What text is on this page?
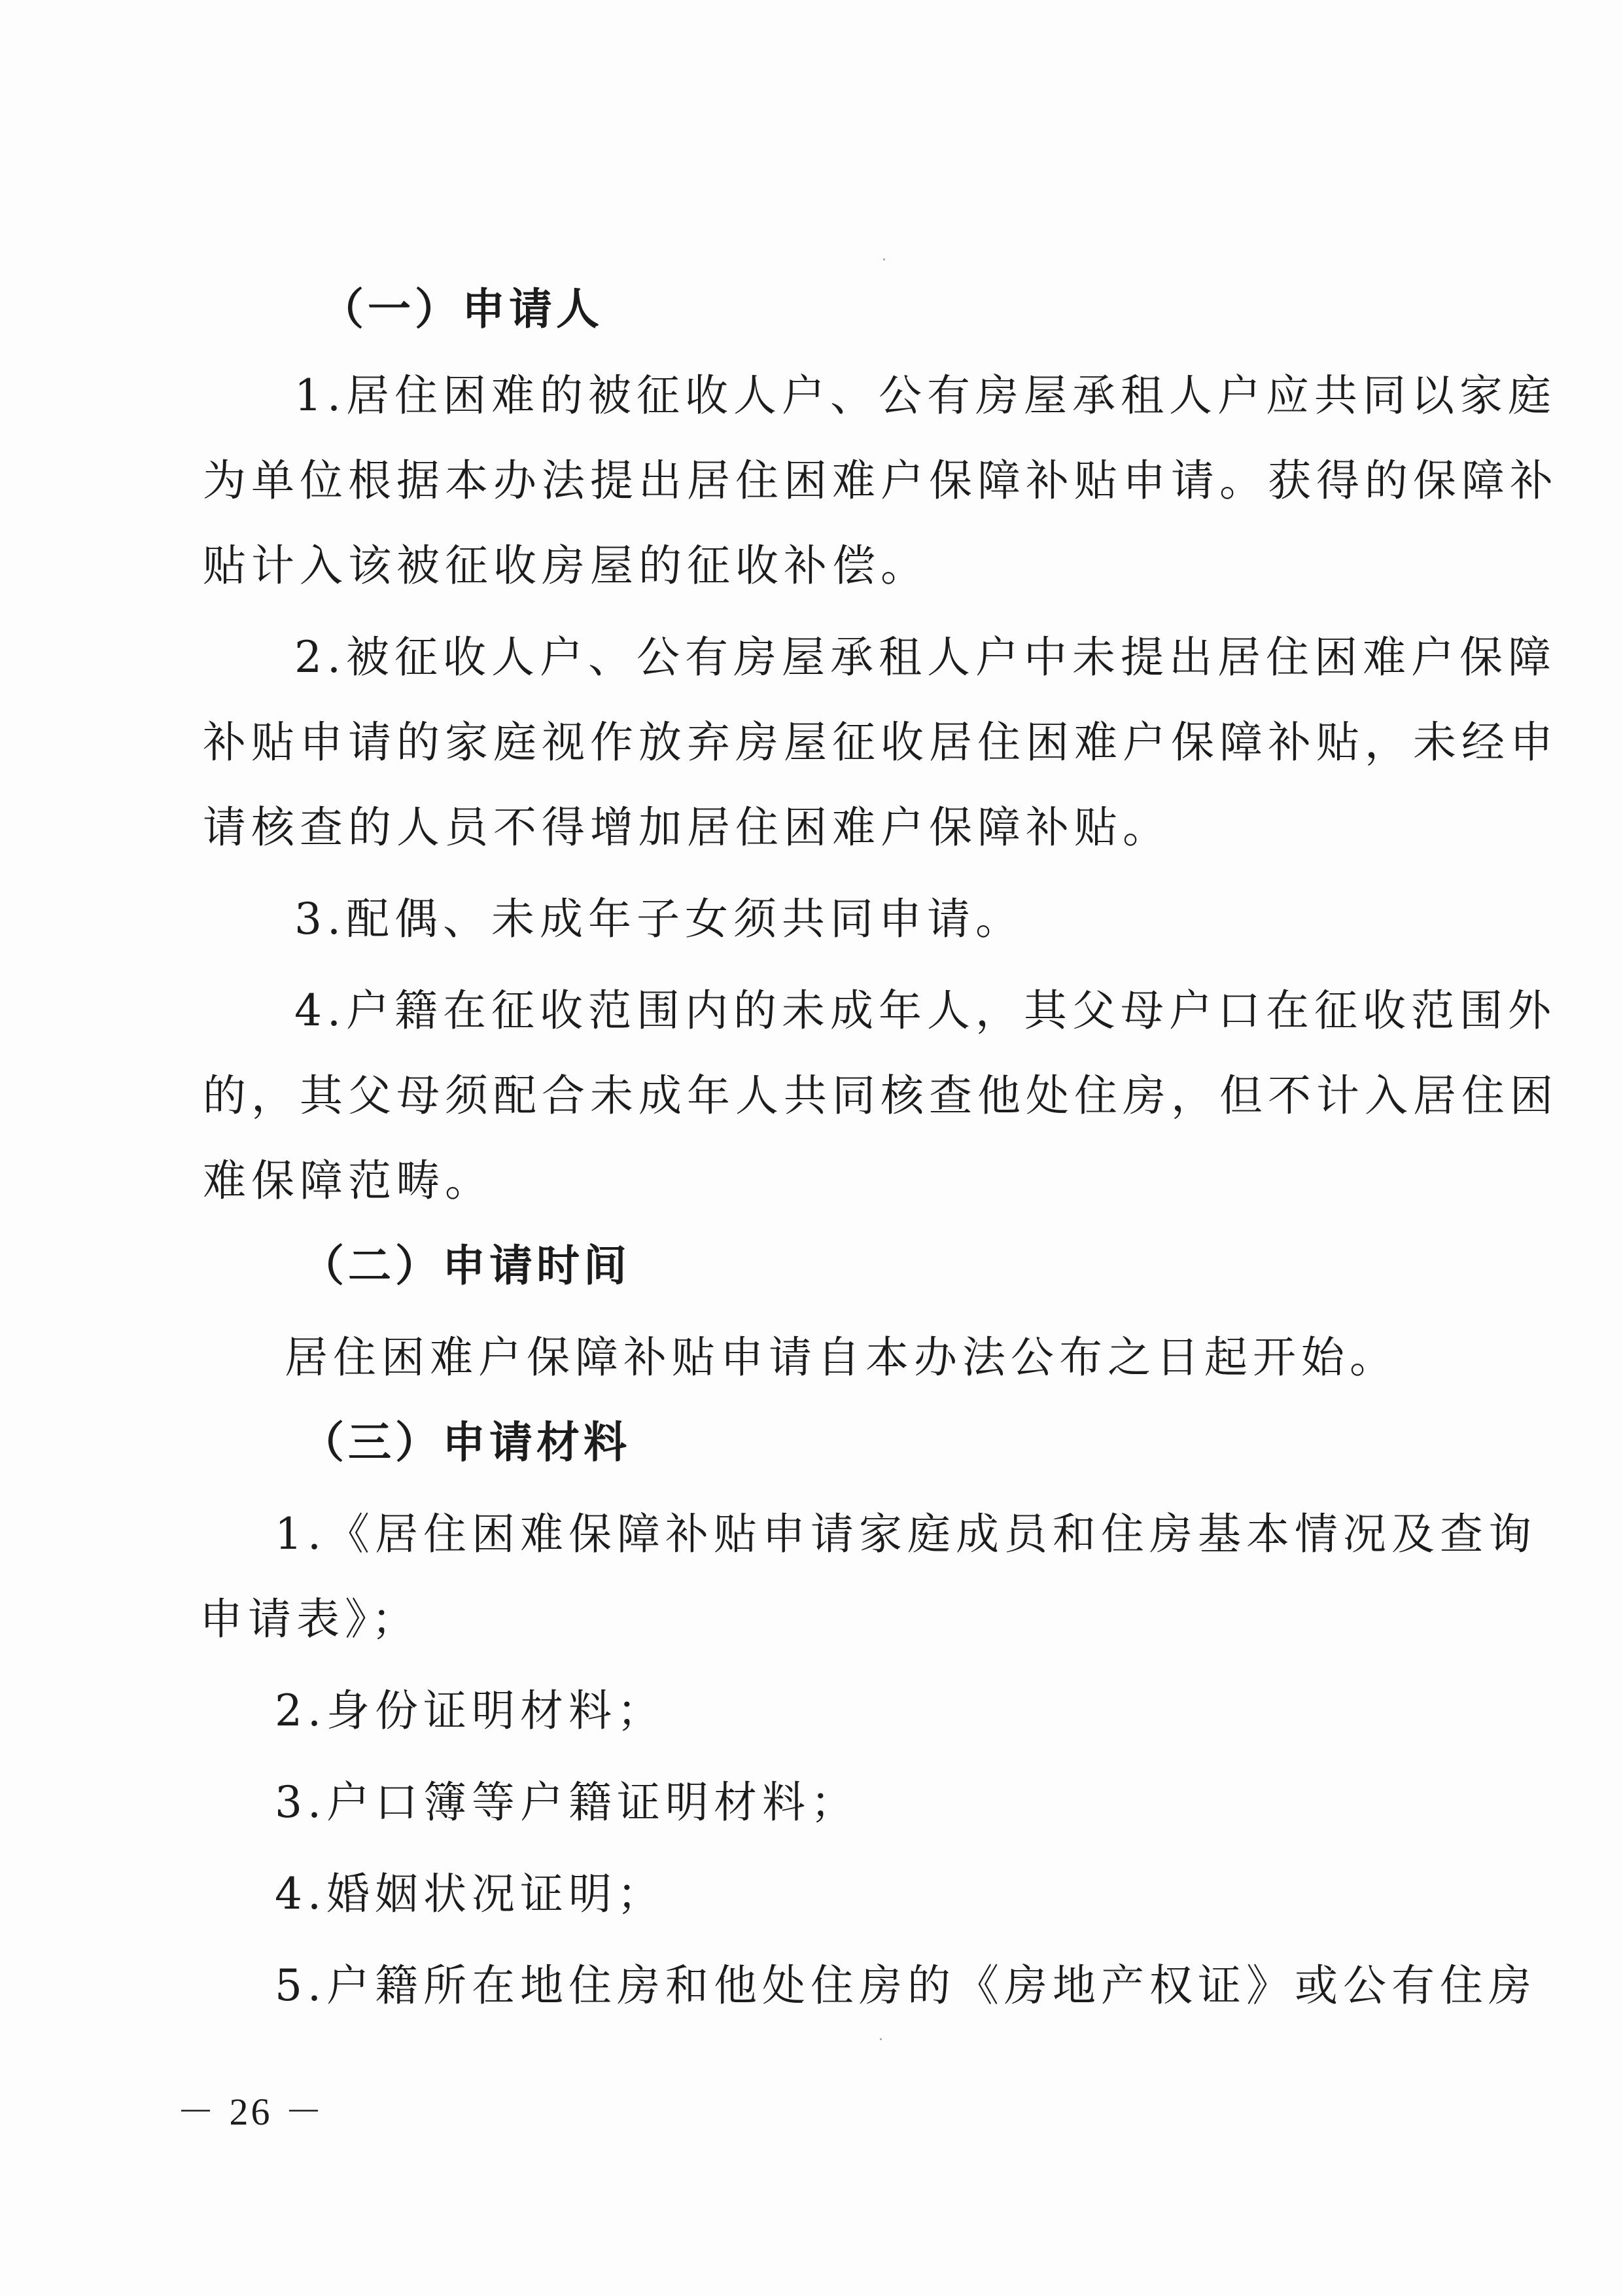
（一）申请人
1.居住困难的被征收人户、公有房屋承租人户应共同以家庭
为单位根据本办法提出居住困难户保障补贴申请。获得的保障补
贴计入该被征收房屋的征收补偿。
2.被征收人户、公有房屋承租人户中未提出居住困难户保障
补贴申请的家庭视作放弃房屋征收居住困难户保障补贴，未经申
请核查的人员不得增加居住困难户保障补贴。
3.配偶、未成年子女须共同申请。
4.户籍在征收范围内的未成年人，其父母户口在征收范围外
的，其父母须配合未成年人共同核查他处住房，但不计入居住困
难保障范畴。
（二）申请时间
居住困难户保障补贴申请自本办法公布之日起开始。
（三）申请材料
1.《居住困难保障补贴申请家庭成员和住房基本情况及查询
申请表》；
2.身份证明材料；
3.户口簿等户籍证明材料；
4.婚姻状况证明；
5.户籍所在地住房和他处住房的《房地产权证》或公有住房
－ 26 －
